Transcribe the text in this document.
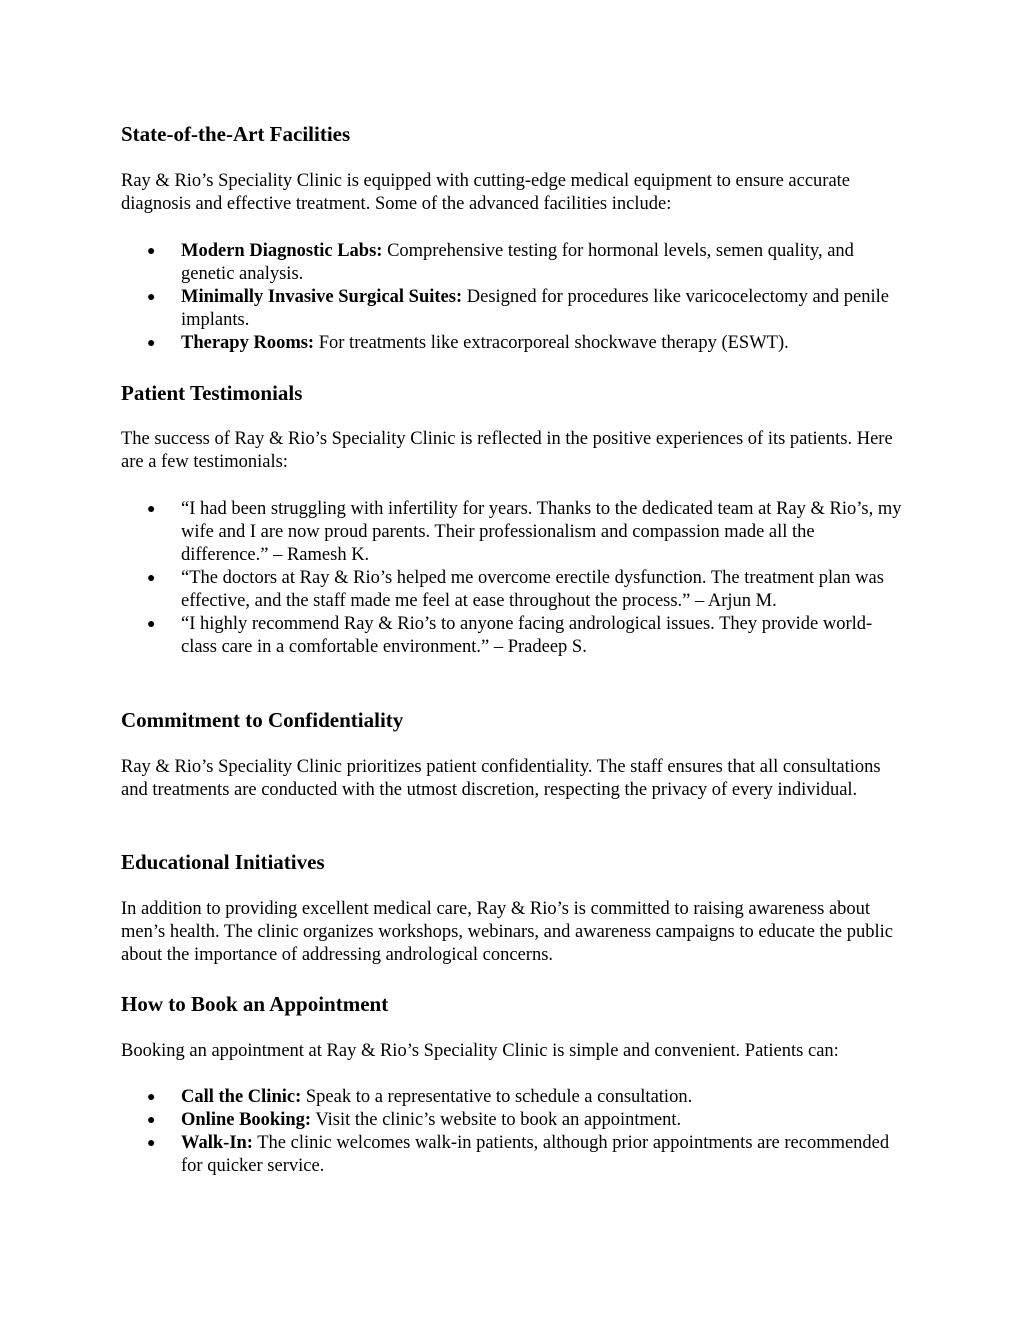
State-of-the-Art Facilities

Ray & Rio’s Speciality Clinic is equipped with cutting-edge medical equipment to ensure accurate diagnosis and effective treatment. Some of the advanced facilities include:

● Modern Diagnostic Labs: Comprehensive testing for hormonal levels, semen quality, and genetic analysis.
● Minimally Invasive Surgical Suites: Designed for procedures like varicocelectomy and penile implants.
● Therapy Rooms: For treatments like extracorporeal shockwave therapy (ESWT).
Patient Testimonials

The success of Ray & Rio’s Speciality Clinic is reflected in the positive experiences of its patients. Here are a few testimonials:

● “I had been struggling with infertility for years. Thanks to the dedicated team at Ray & Rio’s, my wife and I are now proud parents. Their professionalism and compassion made all the difference.” – Ramesh K.
● “The doctors at Ray & Rio’s helped me overcome erectile dysfunction. The treatment plan was effective, and the staff made me feel at ease throughout the process.” – Arjun M.
● “I highly recommend Ray & Rio’s to anyone facing andrological issues. They provide world-class care in a comfortable environment.” – Pradeep S.
Commitment to Confidentiality

Ray & Rio’s Speciality Clinic prioritizes patient confidentiality. The staff ensures that all consultations and treatments are conducted with the utmost discretion, respecting the privacy of every individual.

Educational Initiatives

In addition to providing excellent medical care, Ray & Rio’s is committed to raising awareness about men’s health. The clinic organizes workshops, webinars, and awareness campaigns to educate the public about the importance of addressing andrological concerns.

How to Book an Appointment

Booking an appointment at Ray & Rio’s Speciality Clinic is simple and convenient. Patients can:

● Call the Clinic: Speak to a representative to schedule a consultation.
● Online Booking: Visit the clinic’s website to book an appointment.
● Walk-In: The clinic welcomes walk-in patients, although prior appointments are recommended for quicker service.
